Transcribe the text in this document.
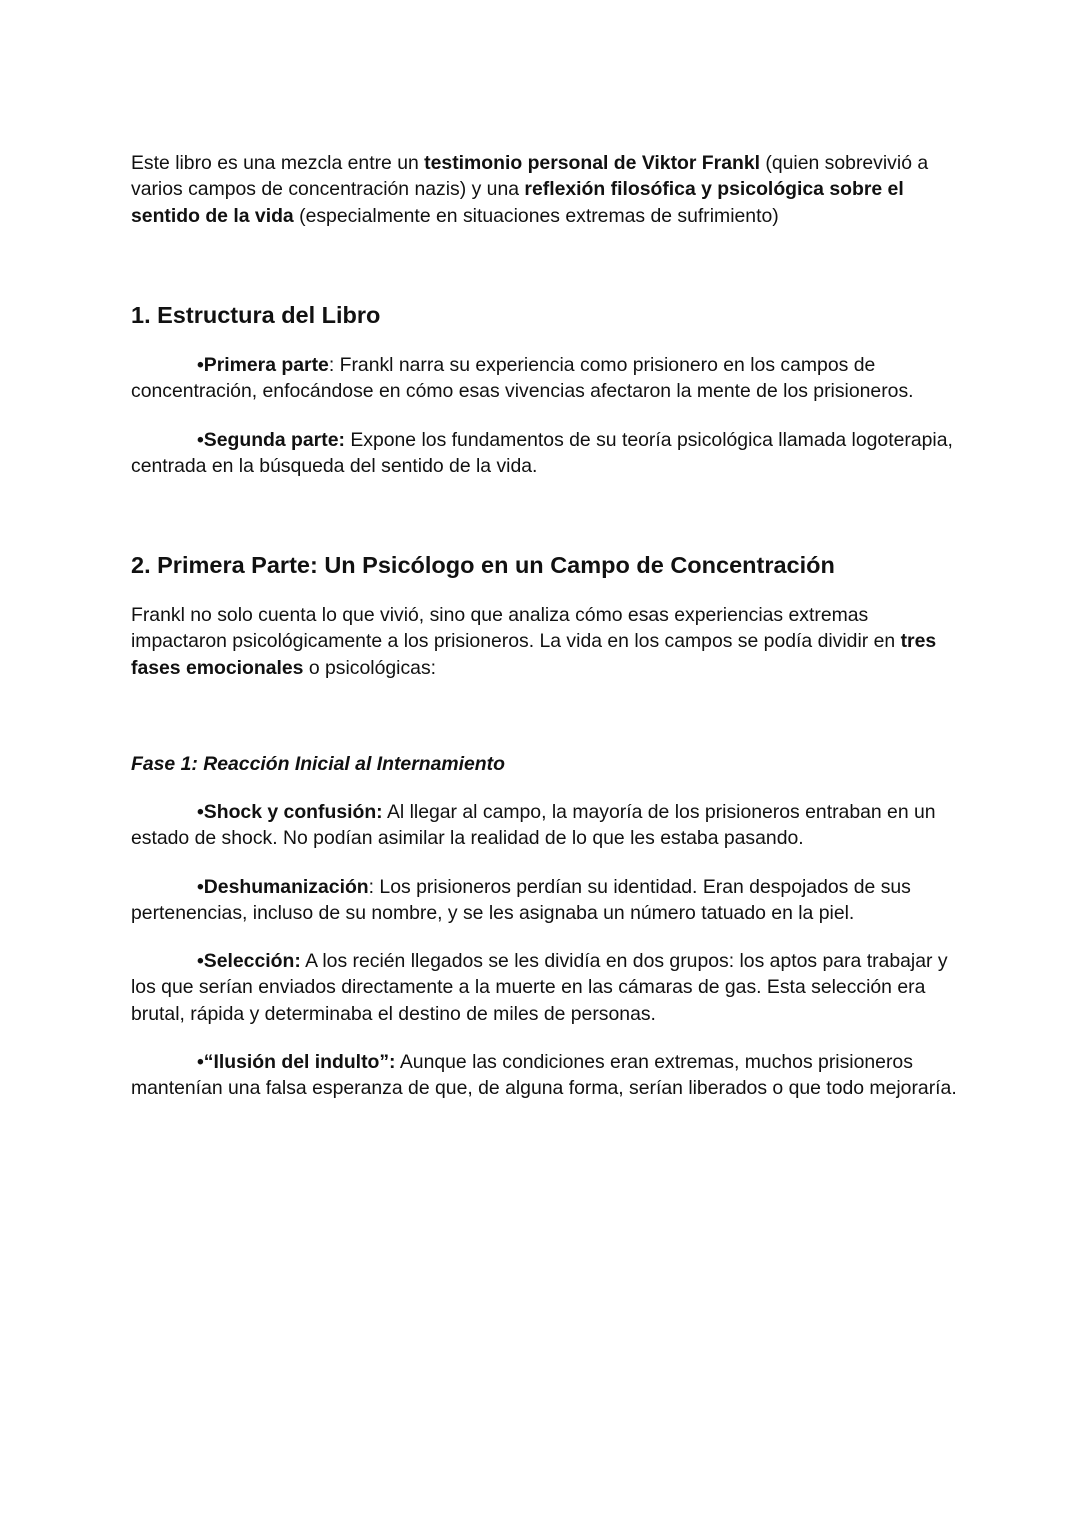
Este libro es una mezcla entre un testimonio personal de Viktor Frankl (quien sobrevivió a varios campos de concentración nazis) y una reflexión filosófica y psicológica sobre el sentido de la vida (especialmente en situaciones extremas de sufrimiento)

1. Estructura del Libro

•Primera parte: Frankl narra su experiencia como prisionero en los campos de concentración, enfocándose en cómo esas vivencias afectaron la mente de los prisioneros.

•Segunda parte: Expone los fundamentos de su teoría psicológica llamada logoterapia, centrada en la búsqueda del sentido de la vida.

2. Primera Parte: Un Psicólogo en un Campo de Concentración

Frankl no solo cuenta lo que vivió, sino que analiza cómo esas experiencias extremas impactaron psicológicamente a los prisioneros. La vida en los campos se podía dividir en tres fases emocionales o psicológicas:

Fase 1: Reacción Inicial al Internamiento

•Shock y confusión: Al llegar al campo, la mayoría de los prisioneros entraban en un estado de shock. No podían asimilar la realidad de lo que les estaba pasando.

•Deshumanización: Los prisioneros perdían su identidad. Eran despojados de sus pertenencias, incluso de su nombre, y se les asignaba un número tatuado en la piel.

•Selección: A los recién llegados se les dividía en dos grupos: los aptos para trabajar y los que serían enviados directamente a la muerte en las cámaras de gas. Esta selección era brutal, rápida y determinaba el destino de miles de personas.

•“Ilusión del indulto”: Aunque las condiciones eran extremas, muchos prisioneros mantenían una falsa esperanza de que, de alguna forma, serían liberados o que todo mejoraría.
